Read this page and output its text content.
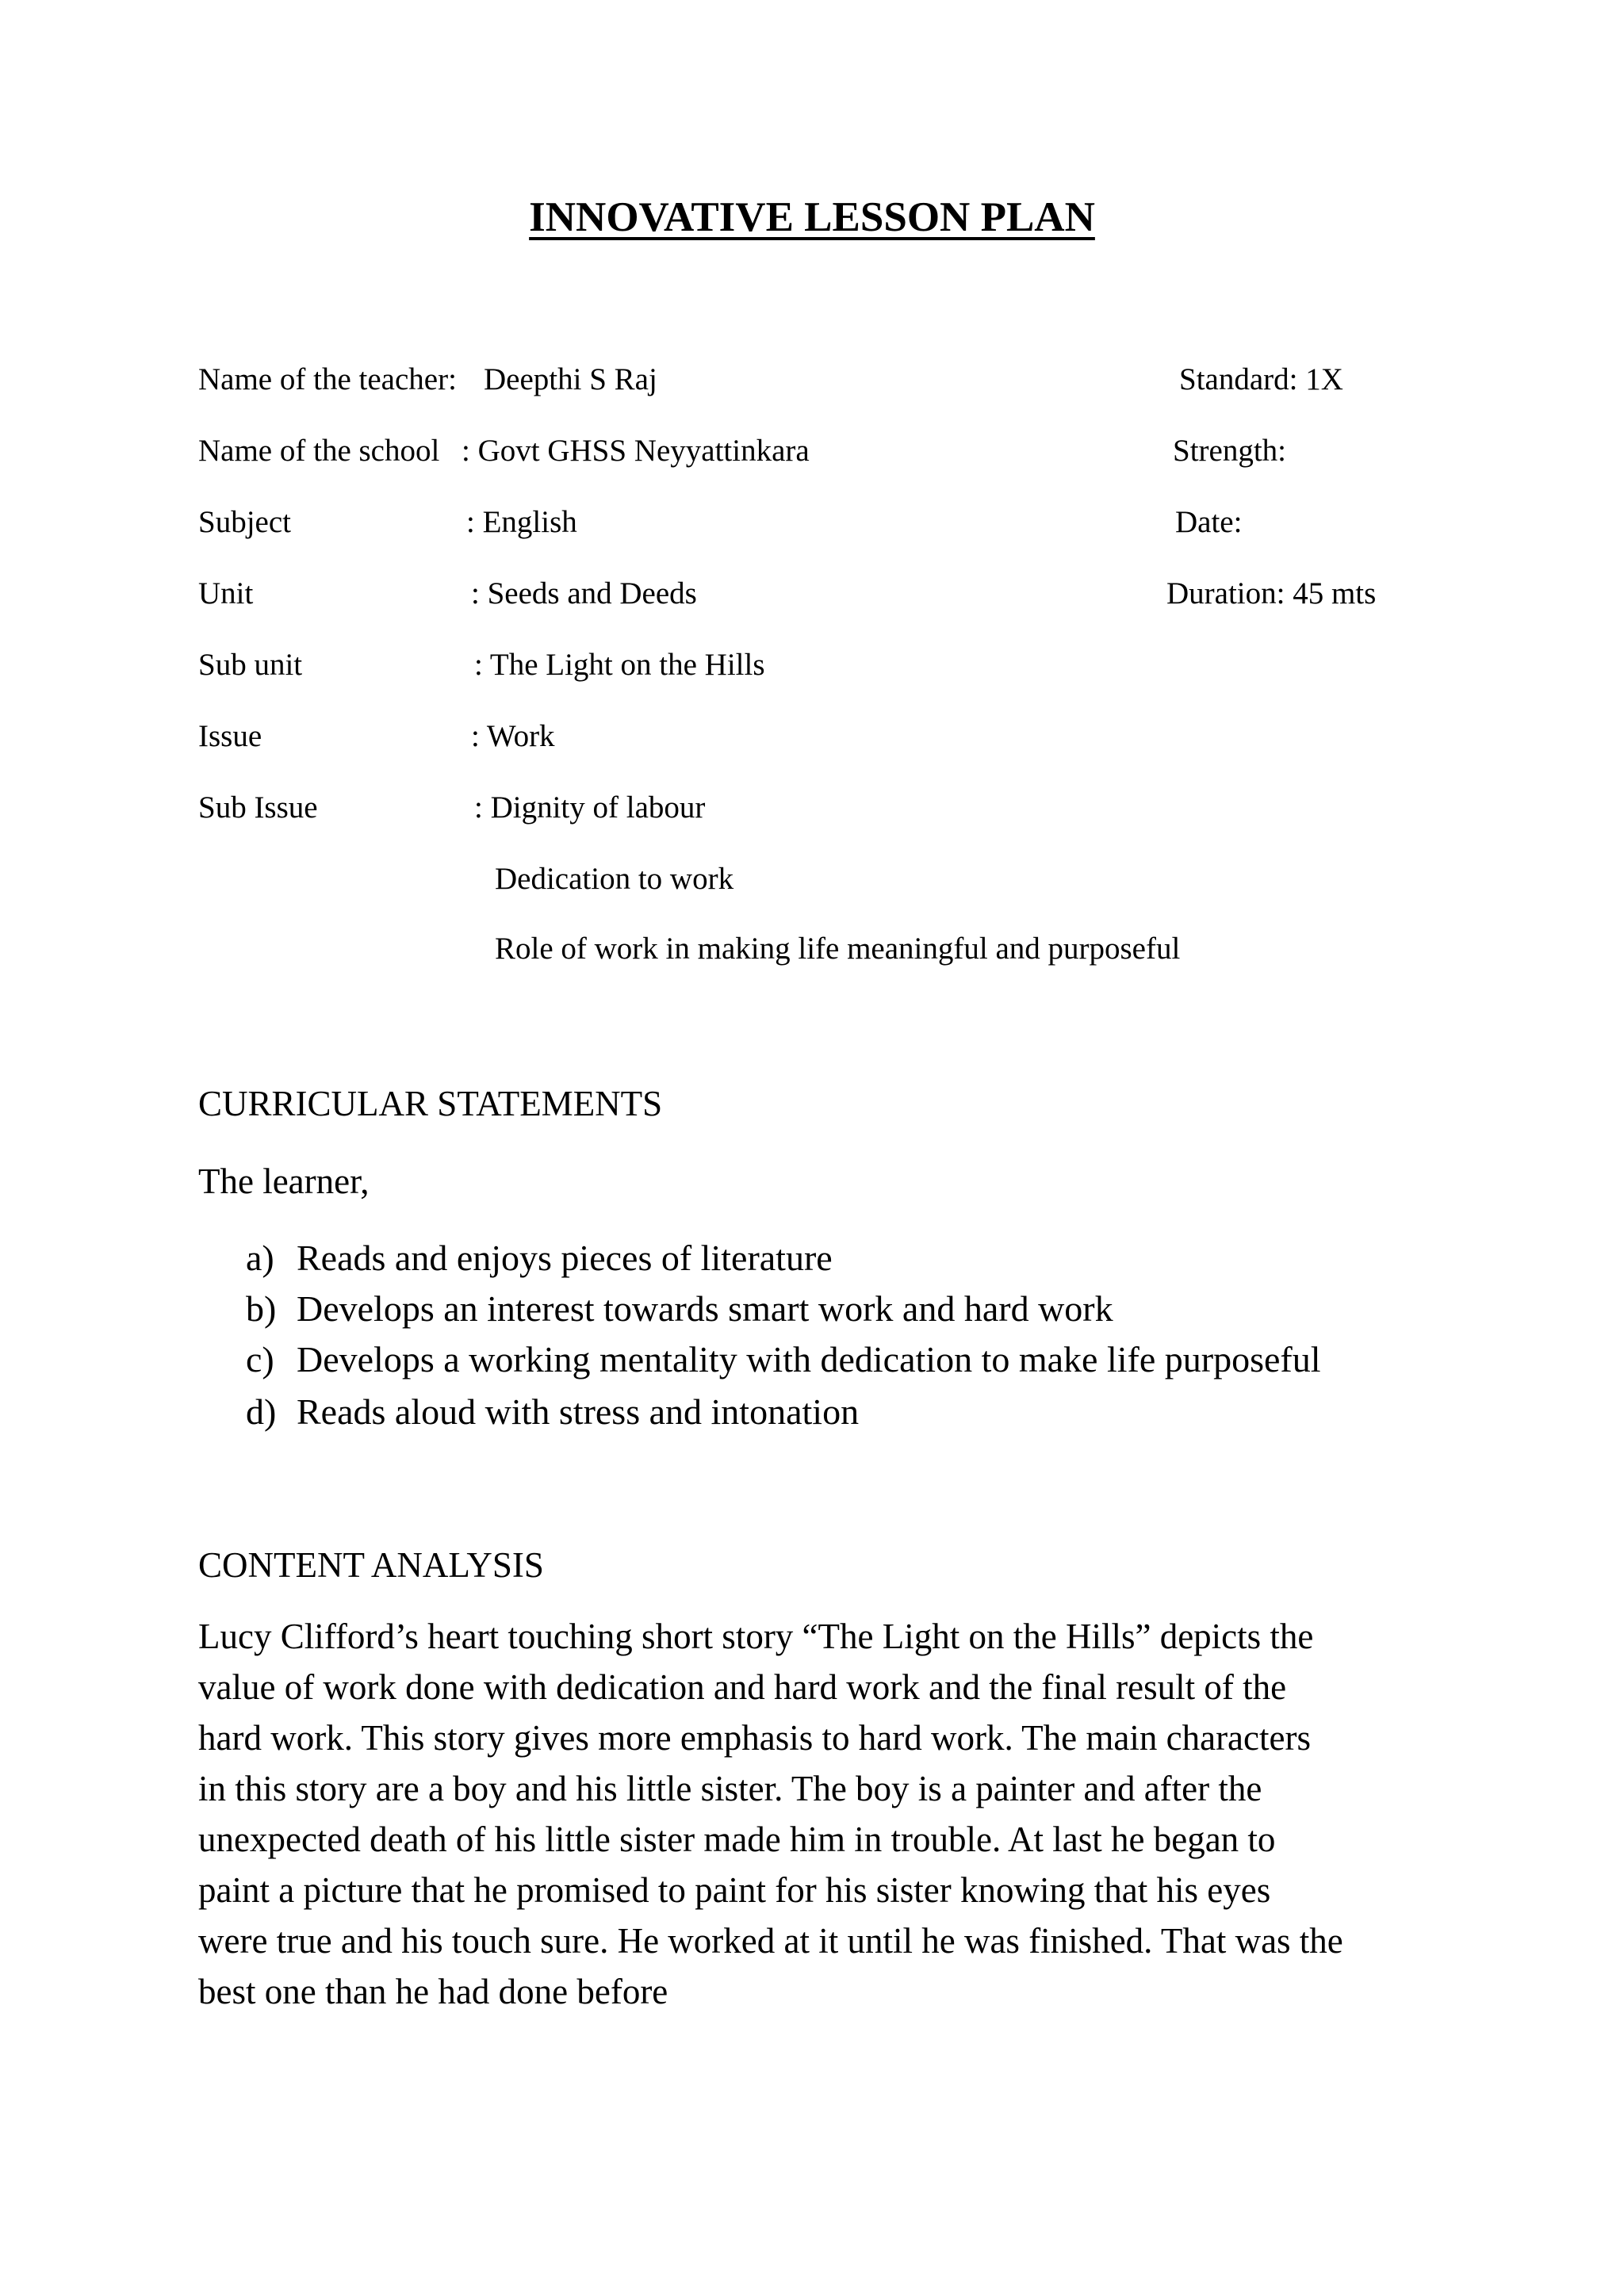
INNOVATIVE LESSON PLAN
Name of the teacher: Deepthi S Raj	Standard: 1X
Name of the school : Govt GHSS Neyyattinkara	Strength:
Subject	: English	Date:
Unit	: Seeds and Deeds	Duration: 45 mts
Sub unit	: The Light on the Hills
Issue	: Work
Sub Issue	: Dignity of labour
Dedication to work
Role of work in making life meaningful and purposeful
CURRICULAR STATEMENTS
The learner,
a) Reads and enjoys pieces of literature
b) Develops an interest towards smart work and hard work
c) Develops a working mentality with dedication to make life purposeful
d) Reads aloud with stress and intonation
CONTENT ANALYSIS
Lucy Clifford’s heart touching short story “The Light on the Hills” depicts the
value of work done with dedication and hard work and the final result of the
hard work. This story gives more emphasis to hard work. The main characters
in this story are a boy and his little sister. The boy is a painter and after the
unexpected death of his little sister made him in trouble. At last he began to
paint a picture that he promised to paint for his sister knowing that his eyes
were true and his touch sure. He worked at it until he was finished. That was the
best one than he had done before
